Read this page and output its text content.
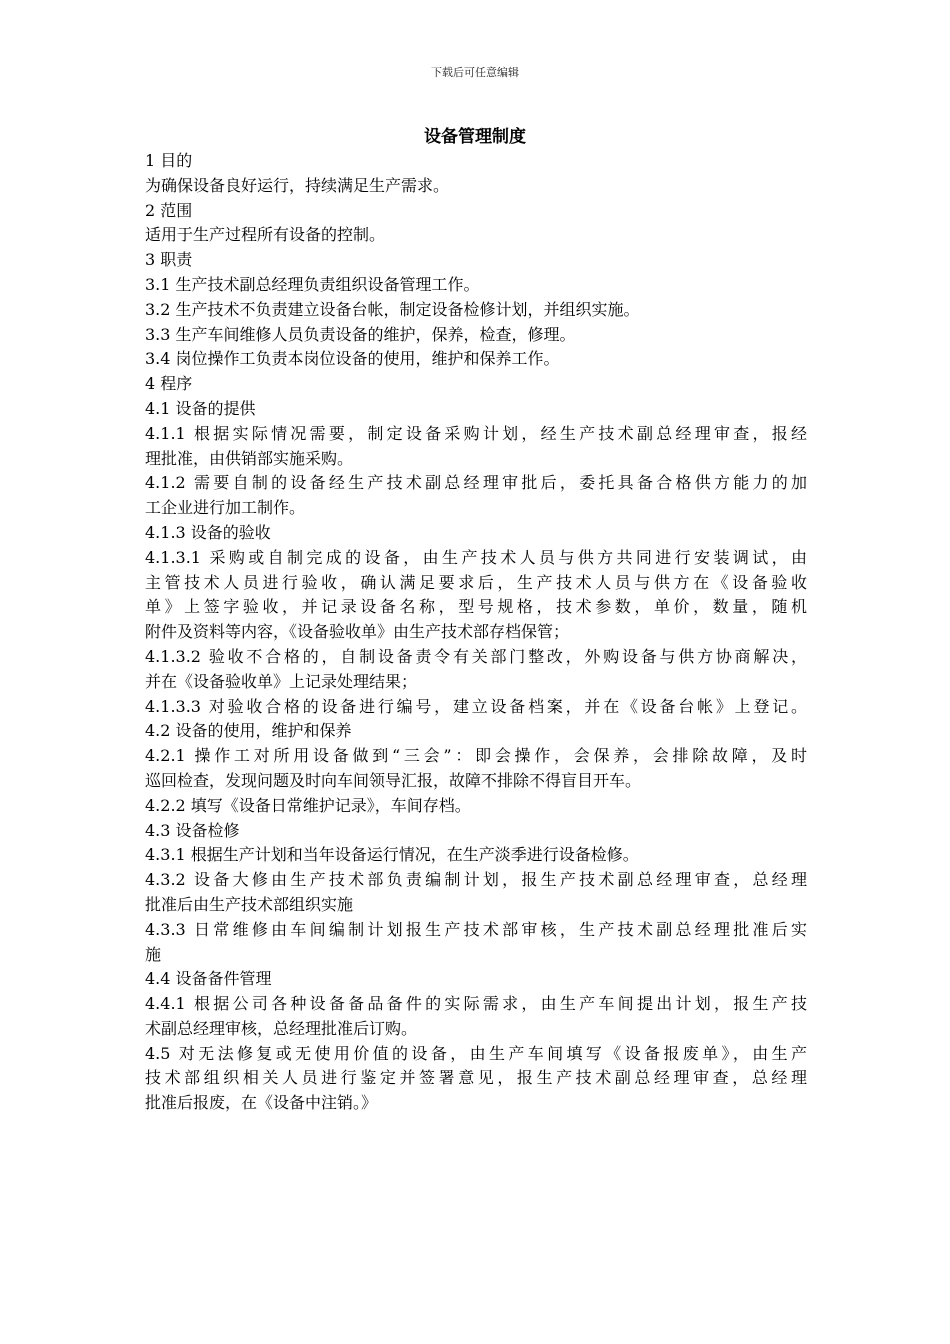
下载后可任意编辑
设备管理制度
1 目的
为确保设备良好运行，持续满足生产需求。
2 范围
适用于生产过程所有设备的控制。
3 职责
3.1 生产技术副总经理负责组织设备管理工作。
3.2 生产技术不负责建立设备台帐，制定设备检修计划，并组织实施。
3.3 生产车间维修人员负责设备的维护，保养，检查，修理。
3.4 岗位操作工负责本岗位设备的使用，维护和保养工作。
4 程序
4.1 设备的提供
4.1.1 根据实际情况需要，制定设备采购计划，经生产技术副总经理审查，报经
理批准，由供销部实施采购。
4.1.2 需要自制的设备经生产技术副总经理审批后，委托具备合格供方能力的加
工企业进行加工制作。
4.1.3 设备的验收
4.1.3.1 采购或自制完成的设备，由生产技术人员与供方共同进行安装调试，由
主管技术人员进行验收，确认满足要求后，生产技术人员与供方在《设备验收
单》上签字验收，并记录设备名称，型号规格，技术参数，单价，数量，随机
附件及资料等内容，《设备验收单》由生产技术部存档保管；
4.1.3.2 验收不合格的，自制设备责令有关部门整改，外购设备与供方协商解决，
并在《设备验收单》上记录处理结果；
4.1.3.3 对验收合格的设备进行编号，建立设备档案，并在《设备台帐》上登记。
4.2 设备的使用，维护和保养
4.2.1 操作工对所用设备做到“三会”：即会操作，会保养，会排除故障，及时
巡回检查，发现问题及时向车间领导汇报，故障不排除不得盲目开车。
4.2.2 填写《设备日常维护记录》，车间存档。
4.3 设备检修
4.3.1 根据生产计划和当年设备运行情况，在生产淡季进行设备检修。
4.3.2 设备大修由生产技术部负责编制计划，报生产技术副总经理审查，总经理
批准后由生产技术部组织实施
4.3.3 日常维修由车间编制计划报生产技术部审核，生产技术副总经理批准后实
施
4.4 设备备件管理
4.4.1 根据公司各种设备备品备件的实际需求，由生产车间提出计划，报生产技
术副总经理审核，总经理批准后订购。
4.5 对无法修复或无使用价值的设备，由生产车间填写《设备报废单》，由生产
技术部组织相关人员进行鉴定并签署意见，报生产技术副总经理审查，总经理
批准后报废，在《设备中注销。》
